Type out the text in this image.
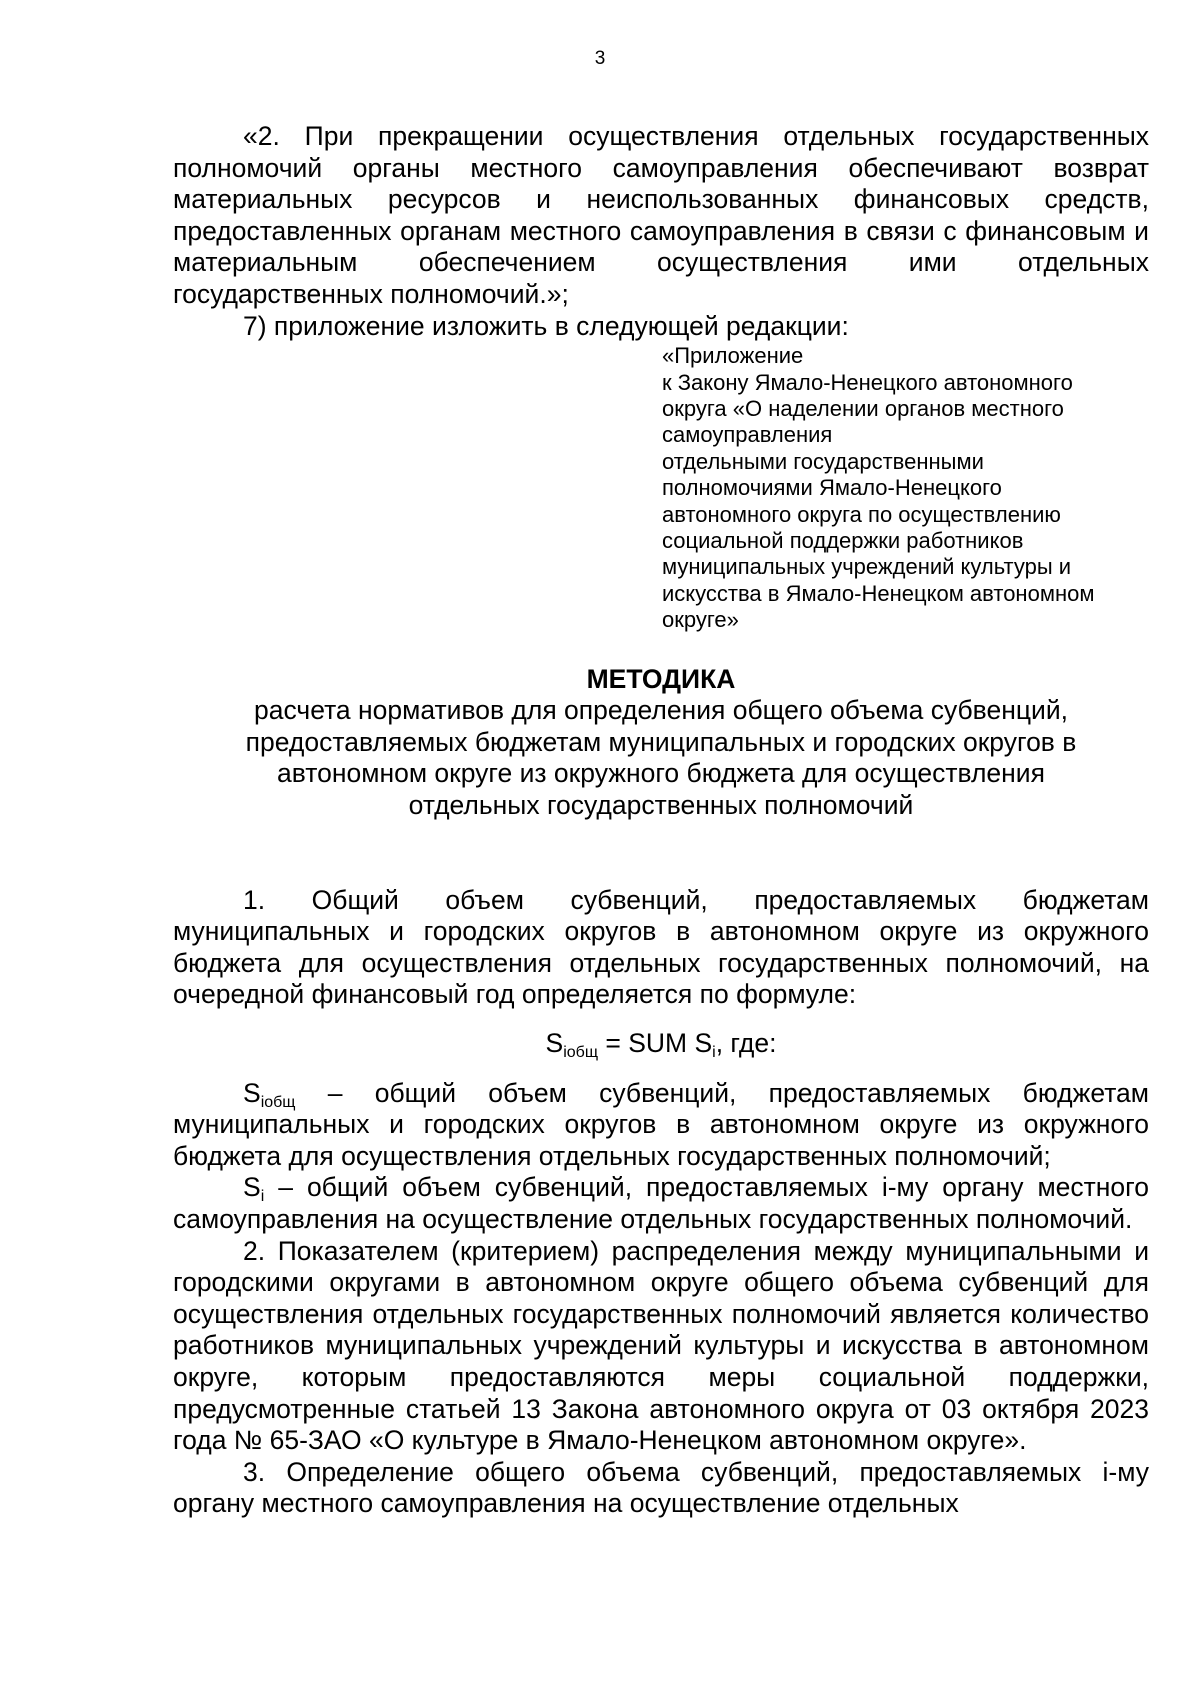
3

«2. При прекращении осуществления отдельных государственных полномочий органы местного самоуправления обеспечивают возврат материальных ресурсов и неиспользованных финансовых средств, предоставленных органам местного самоуправления в связи с финансовым и материальным обеспечением осуществления ими отдельных государственных полномочий.»;

7) приложение изложить в следующей редакции:

«Приложение
к Закону Ямало-Ненецкого автономного
округа «О наделении органов местного
самоуправления
отдельными государственными
полномочиями Ямало-Ненецкого
автономного округа по осуществлению
социальной поддержки работников
муниципальных учреждений культуры и
искусства в Ямало-Ненецком автономном
округе»
МЕТОДИКА
расчета нормативов для определения общего объема субвенций,
предоставляемых бюджетам муниципальных и городских округов в
автономном округе из окружного бюджета для осуществления
отдельных государственных полномочий

1. Общий объем субвенций, предоставляемых бюджетам муниципальных и городских округов в автономном округе из окружного бюджета для осуществления отдельных государственных полномочий, на очередной финансовый год определяется по формуле:

$S_{iобщ}$ = SUM $S_i$, где:

$S_{iобщ}$ – общий объем субвенций, предоставляемых бюджетам муниципальных и городских округов в автономном округе из окружного бюджета для осуществления отдельных государственных полномочий;

$S_i$ – общий объем субвенций, предоставляемых i-му органу местного самоуправления на осуществление отдельных государственных полномочий.

2. Показателем (критерием) распределения между муниципальными и городскими округами в автономном округе общего объема субвенций для осуществления отдельных государственных полномочий является количество работников муниципальных учреждений культуры и искусства в автономном округе, которым предоставляются меры социальной поддержки, предусмотренные статьей 13 Закона автономного округа от 03 октября 2023 года № 65-ЗАО «О культуре в Ямало-Ненецком автономном округе».

3. Определение общего объема субвенций, предоставляемых i-му органу местного самоуправления на осуществление отдельных
